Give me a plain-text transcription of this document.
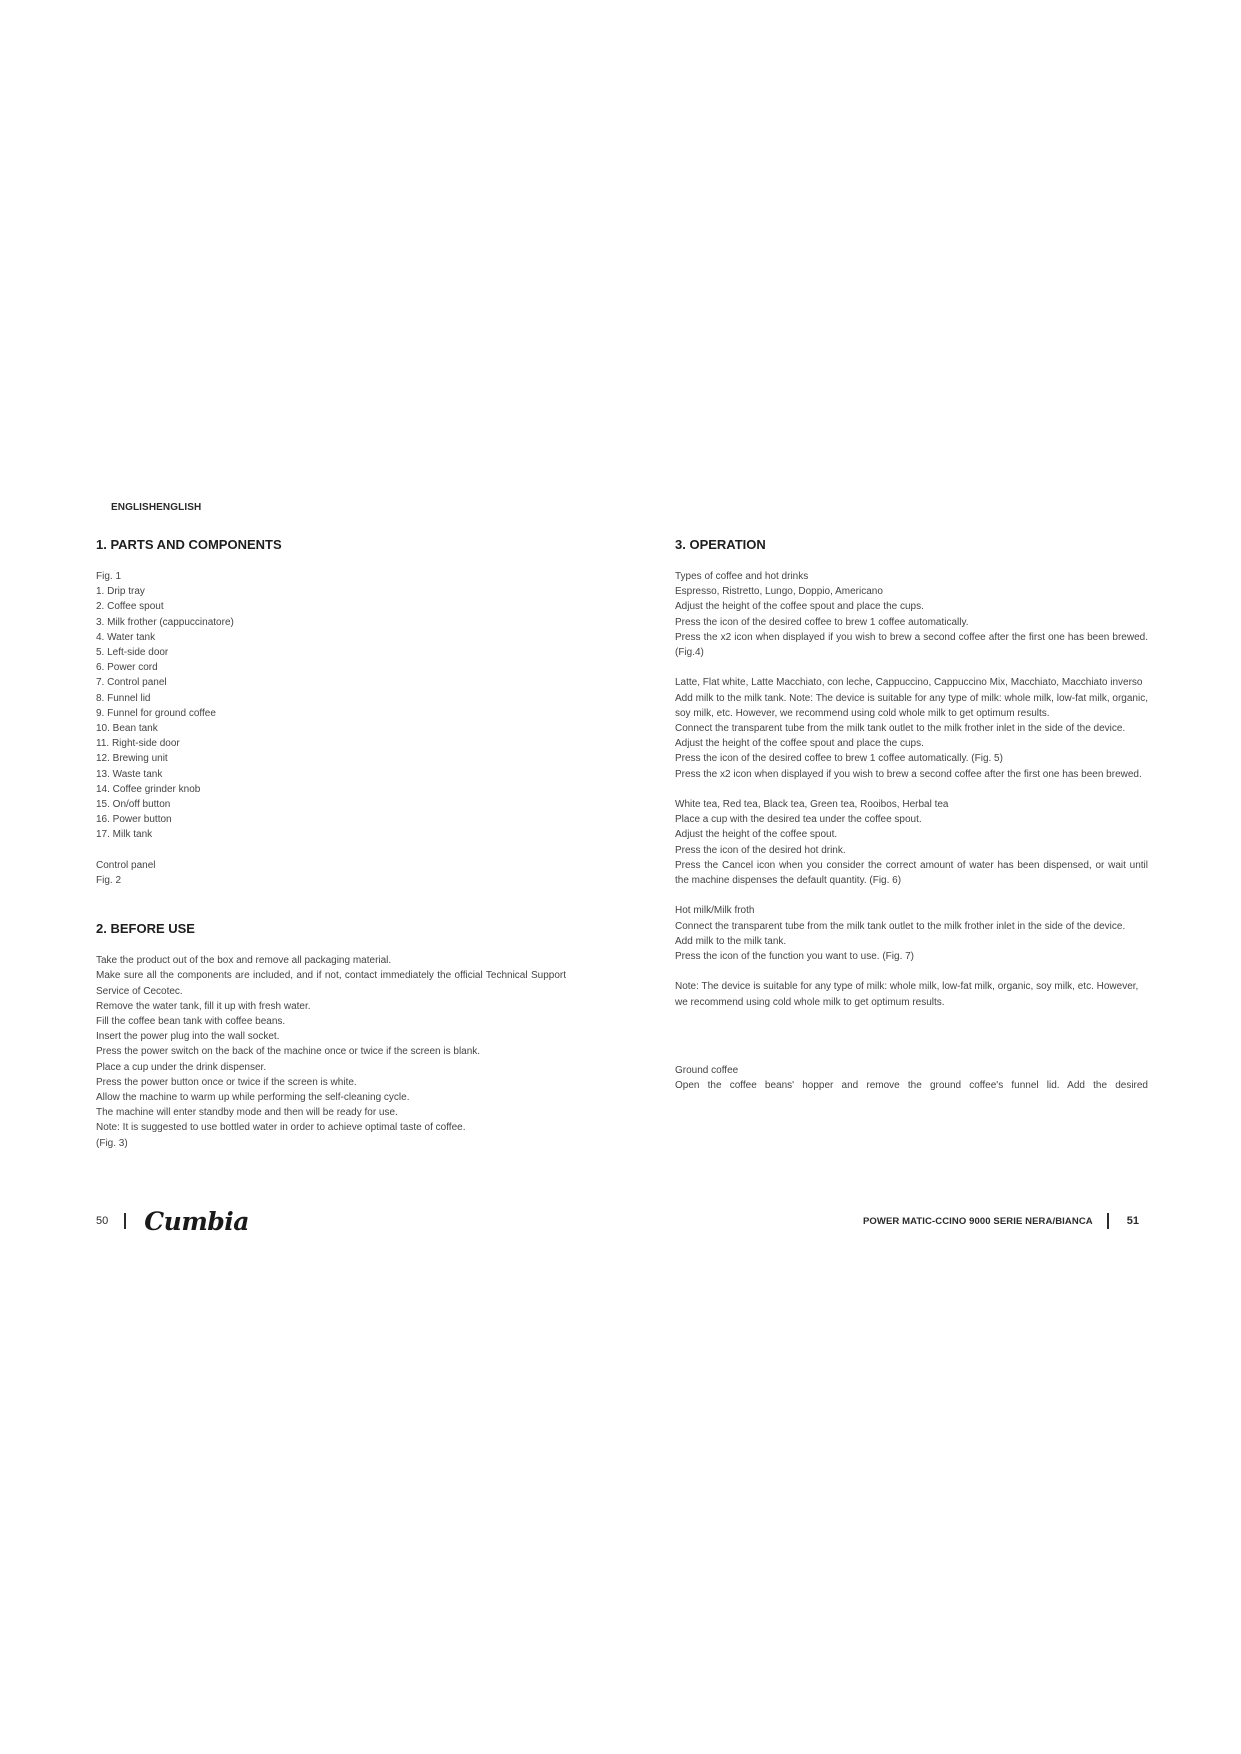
ENGLISHENGLISH
1. PARTS AND COMPONENTS

Fig. 1

1. Drip tray

2. Coffee spout

3. Milk frother (cappuccinatore)

4. Water tank

5. Left-side door

6. Power cord

7. Control panel

8. Funnel lid

9. Funnel for ground coffee

10. Bean tank

11. Right-side door

12. Brewing unit

13. Waste tank

14. Coffee grinder knob

15. On/off button

16. Power button

17. Milk tank

Control panel

Fig. 2

2. BEFORE USE

Take the product out of the box and remove all packaging material.

Make sure all the components are included, and if not, contact immediately the official Technical Support Service of Cecotec.

Remove the water tank, fill it up with fresh water.

Fill the coffee bean tank with coffee beans.

Insert the power plug into the wall socket.

Press the power switch on the back of the machine once or twice if the screen is blank.

Place a cup under the drink dispenser.

Press the power button once or twice if the screen is white.

Allow the machine to warm up while performing the self-cleaning cycle.

The machine will enter standby mode and then will be ready for use.

Note: It is suggested to use bottled water in order to achieve optimal taste of coffee.

(Fig. 3)

3. OPERATION

Types of coffee and hot drinks

Espresso, Ristretto, Lungo, Doppio, Americano

Adjust the height of the coffee spout and place the cups.

Press the icon of the desired coffee to brew 1 coffee automatically.

Press the x2 icon when displayed if you wish to brew a second coffee after the first one has been brewed. (Fig.4)

Latte, Flat white, Latte Macchiato, con leche, Cappuccino, Cappuccino Mix, Macchiato, Macchiato inverso

Add milk to the milk tank. Note: The device is suitable for any type of milk: whole milk, low-fat milk, organic, soy milk, etc. However, we recommend using cold whole milk to get optimum results.

Connect the transparent tube from the milk tank outlet to the milk frother inlet in the side of the device.

Adjust the height of the coffee spout and place the cups.

Press the icon of the desired coffee to brew 1 coffee automatically. (Fig. 5)

Press the x2 icon when displayed if you wish to brew a second coffee after the first one has been brewed.

White tea, Red tea, Black tea, Green tea, Rooibos, Herbal tea

Place a cup with the desired tea under the coffee spout.

Adjust the height of the coffee spout.

Press the icon of the desired hot drink.

Press the Cancel icon when you consider the correct amount of water has been dispensed, or wait until the machine dispenses the default quantity. (Fig. 6)

Hot milk/Milk froth

Connect the transparent tube from the milk tank outlet to the milk frother inlet in the side of the device.

Add milk to the milk tank.

Press the icon of the function you want to use. (Fig. 7)

Note: The device is suitable for any type of milk: whole milk, low-fat milk, organic, soy milk, etc. However, we recommend using cold whole milk to get optimum results.

Ground coffee

Open the coffee beans' hopper and remove the ground coffee's funnel lid. Add the desired

50 Cumbia	POWER MATIC-CCINO 9000 SERIE NERA/BIANCA	51
